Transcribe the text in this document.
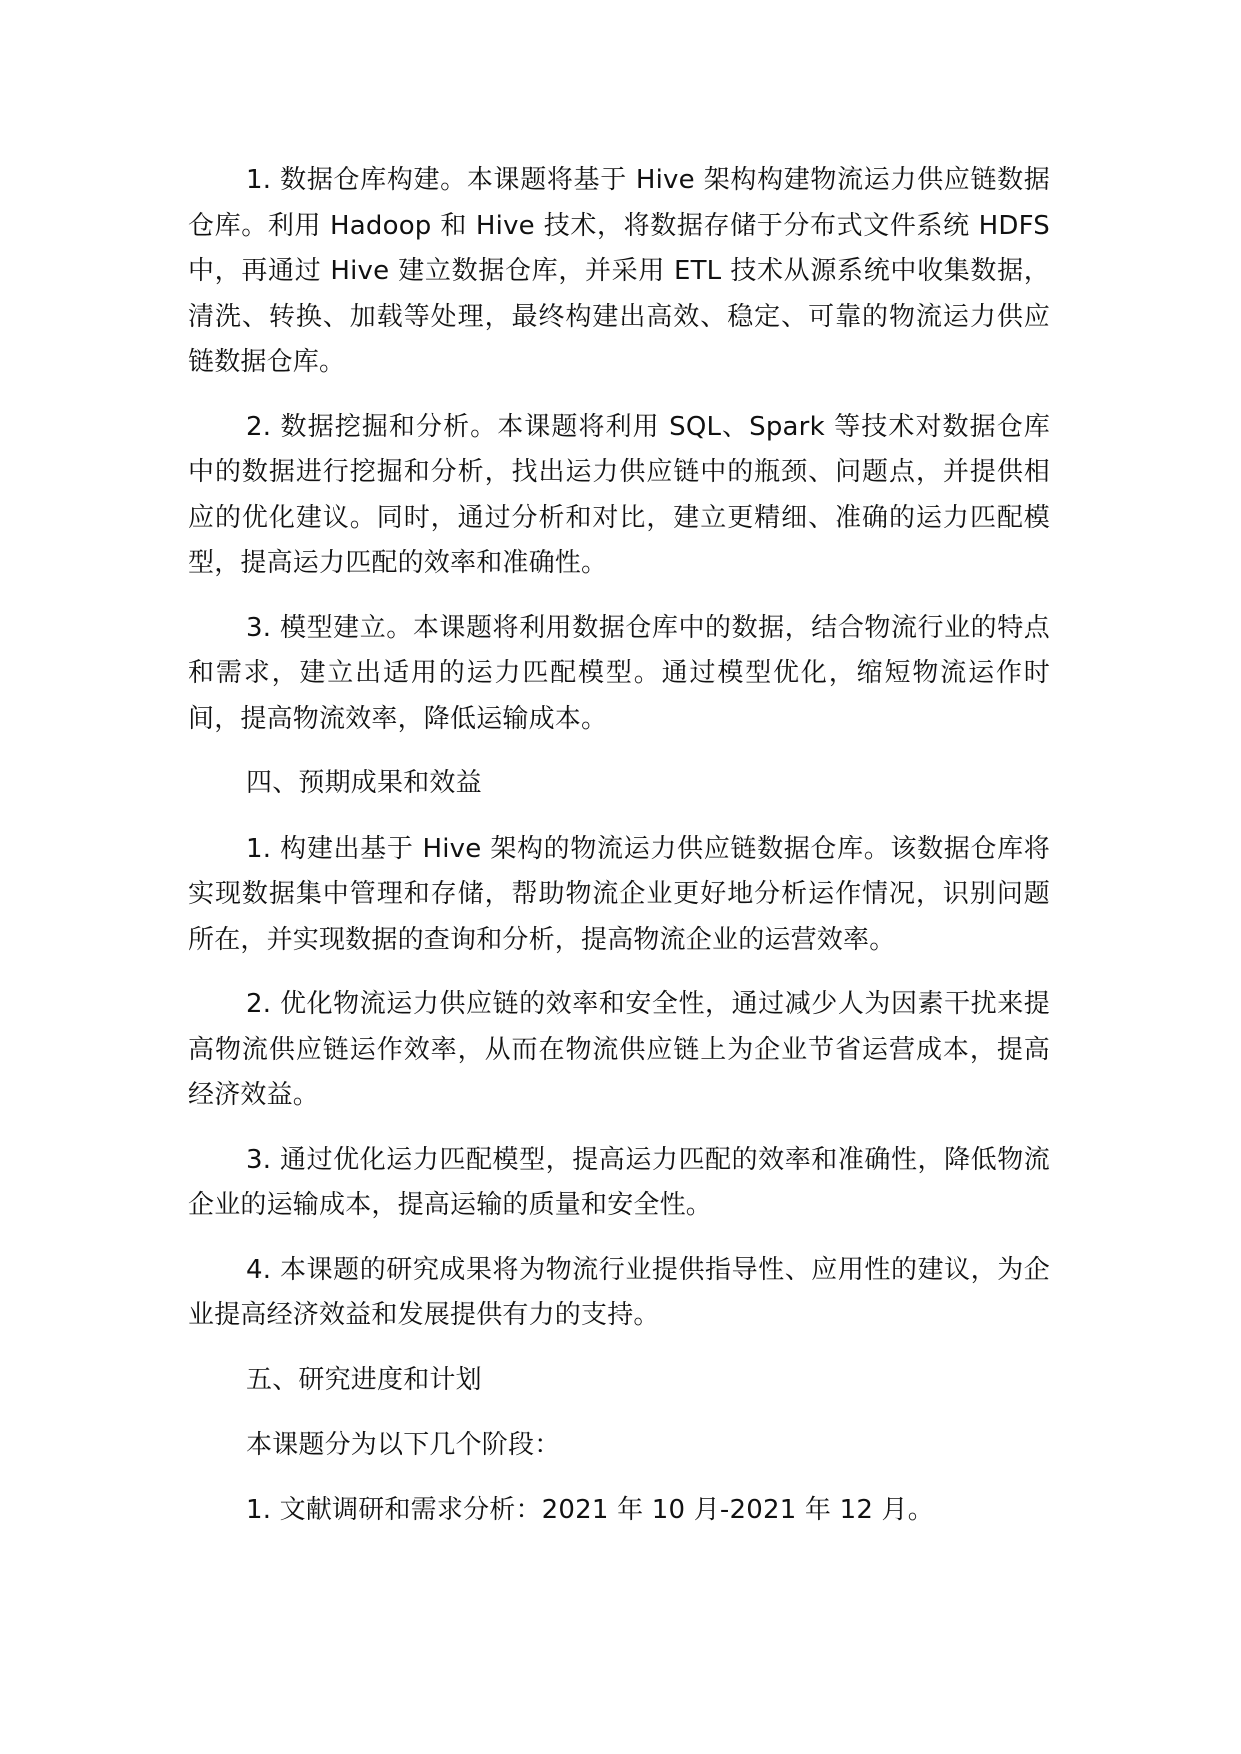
1. 数据仓库构建。本课题将基于 Hive 架构构建物流运力供应链数据仓库。利用 Hadoop 和 Hive 技术，将数据存储于分布式文件系统 HDFS 中，再通过 Hive 建立数据仓库，并采用 ETL 技术从源系统中收集数据，清洗、转换、加载等处理，最终构建出高效、稳定、可靠的物流运力供应链数据仓库。

2. 数据挖掘和分析。本课题将利用 SQL、Spark 等技术对数据仓库中的数据进行挖掘和分析，找出运力供应链中的瓶颈、问题点，并提供相应的优化建议。同时，通过分析和对比，建立更精细、准确的运力匹配模型，提高运力匹配的效率和准确性。

3. 模型建立。本课题将利用数据仓库中的数据，结合物流行业的特点和需求，建立出适用的运力匹配模型。通过模型优化，缩短物流运作时间，提高物流效率，降低运输成本。

四、预期成果和效益

1. 构建出基于 Hive 架构的物流运力供应链数据仓库。该数据仓库将实现数据集中管理和存储，帮助物流企业更好地分析运作情况，识别问题所在，并实现数据的查询和分析，提高物流企业的运营效率。

2. 优化物流运力供应链的效率和安全性，通过减少人为因素干扰来提高物流供应链运作效率，从而在物流供应链上为企业节省运营成本，提高经济效益。

3. 通过优化运力匹配模型，提高运力匹配的效率和准确性，降低物流企业的运输成本，提高运输的质量和安全性。

4. 本课题的研究成果将为物流行业提供指导性、应用性的建议，为企业提高经济效益和发展提供有力的支持。

五、研究进度和计划

本课题分为以下几个阶段：

1. 文献调研和需求分析：2021 年 10 月-2021 年 12 月。
